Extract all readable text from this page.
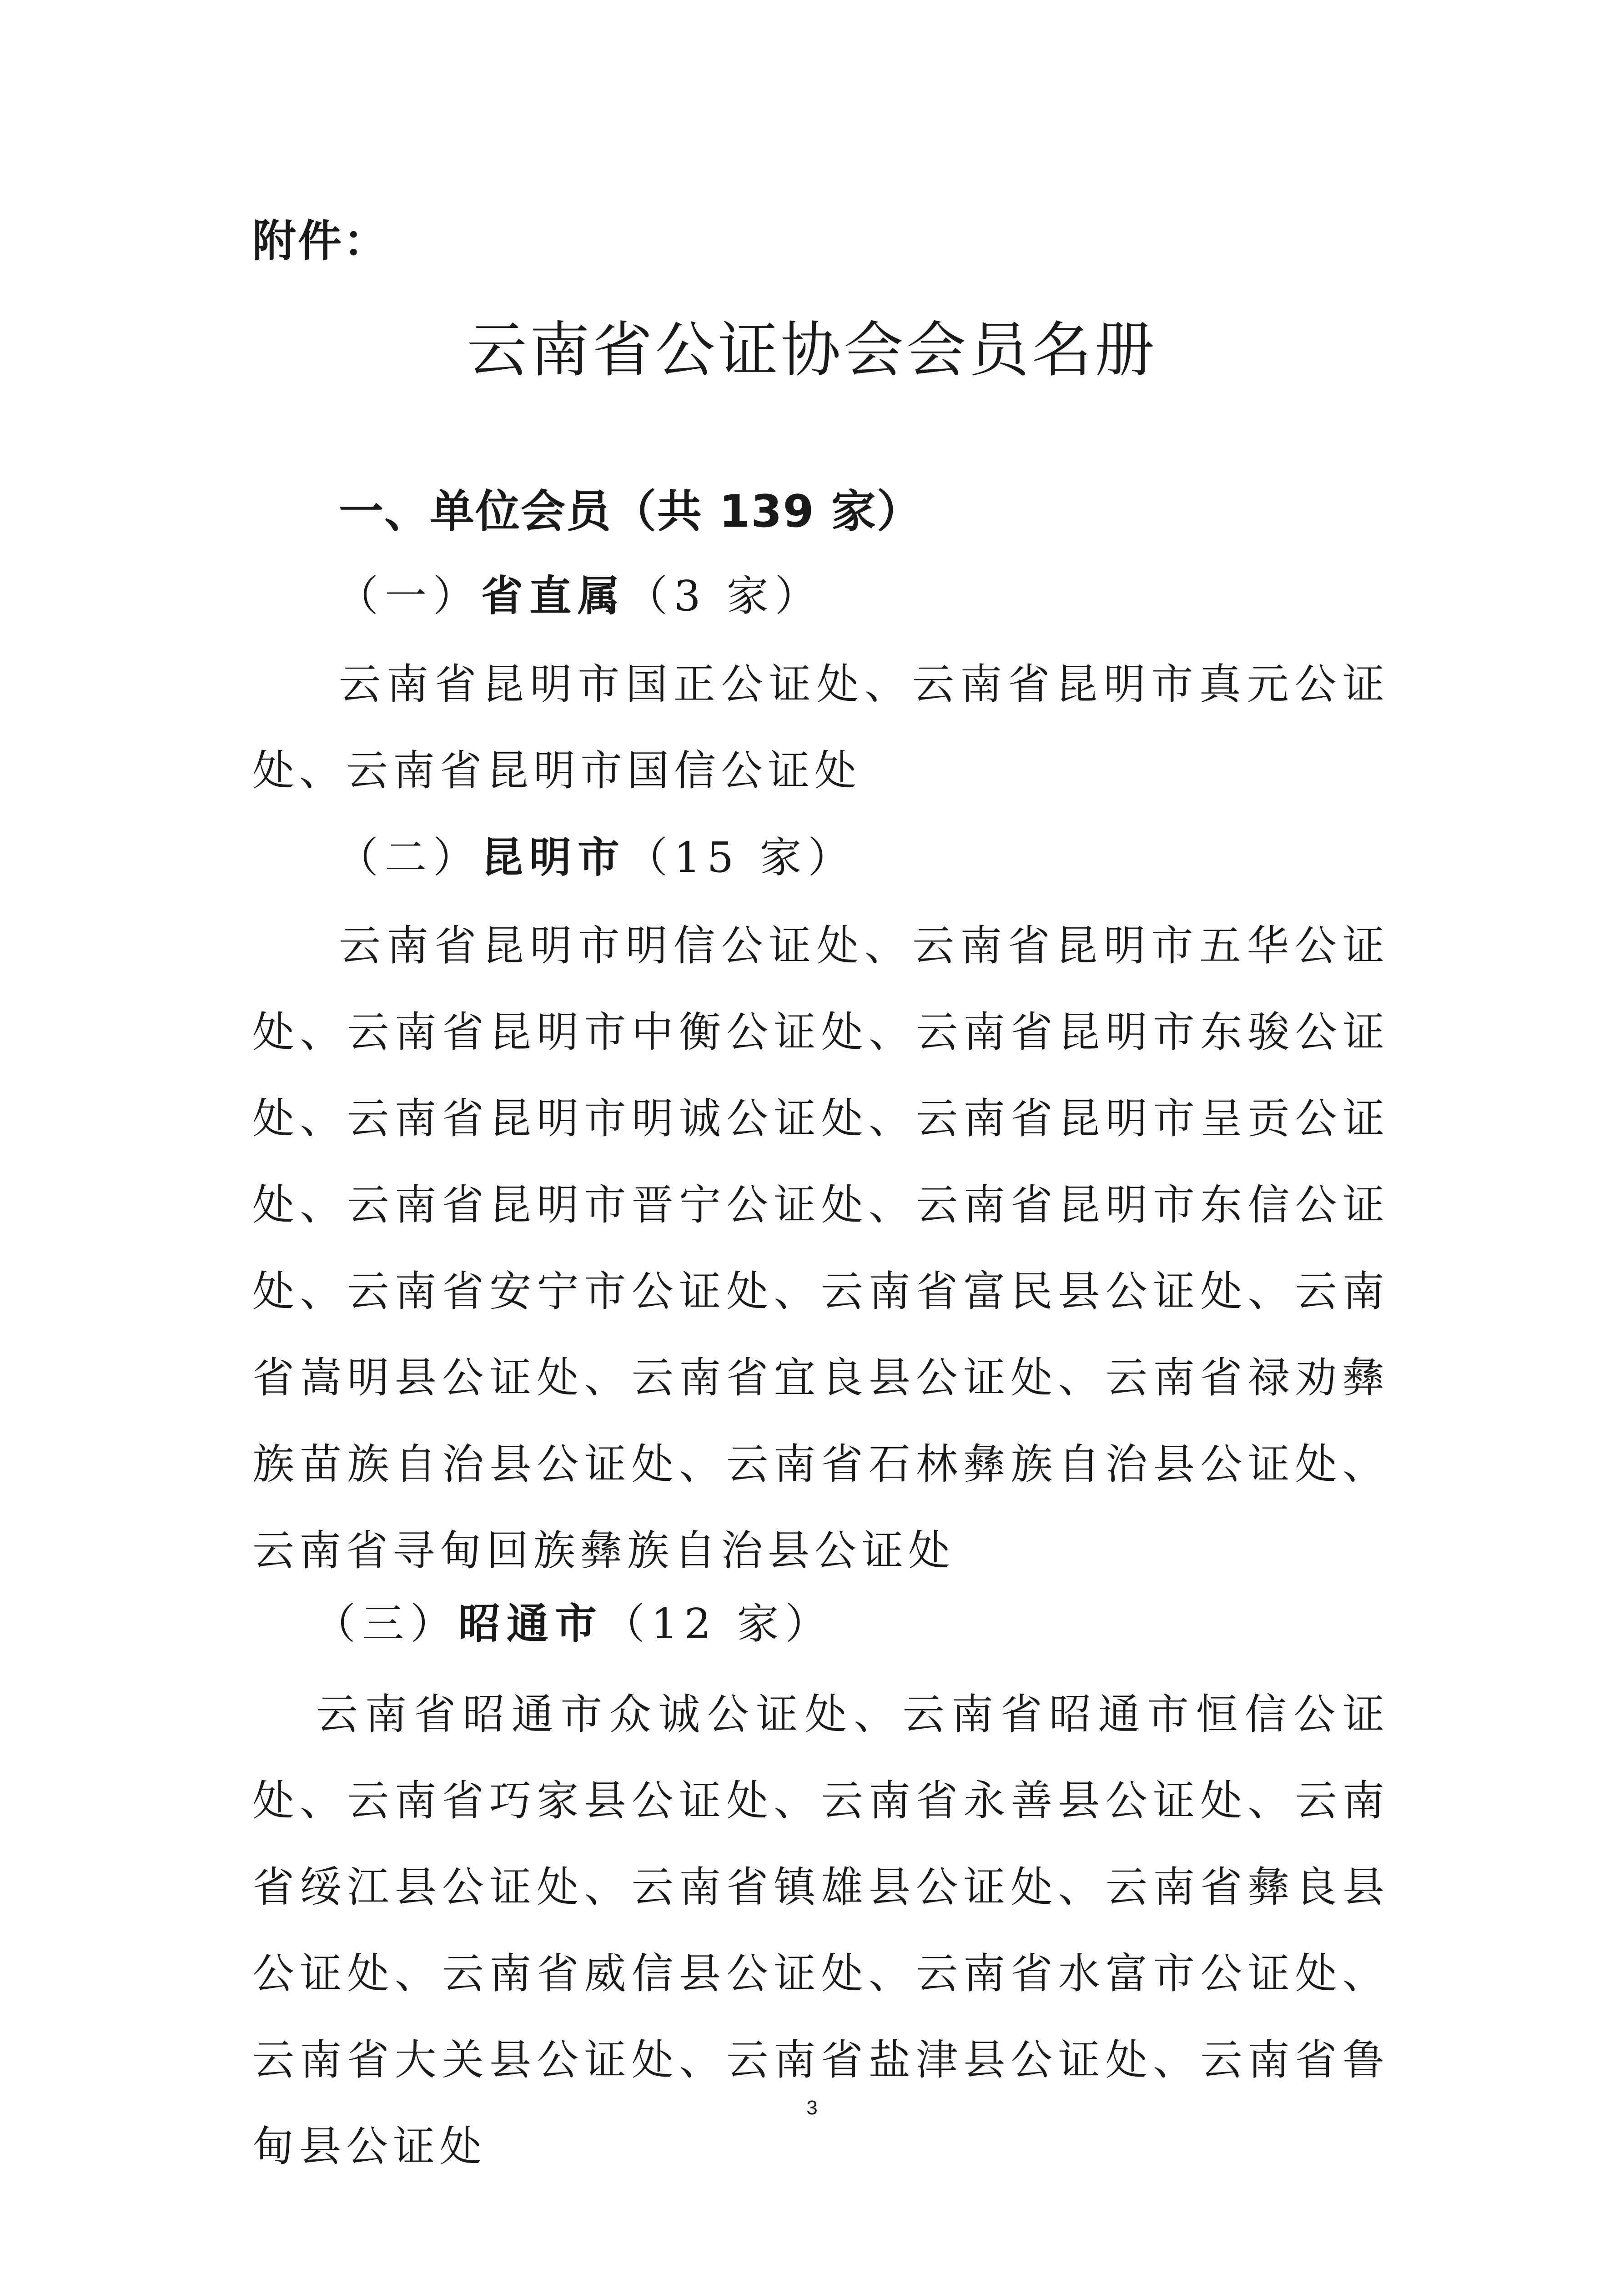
附件：
云南省公证协会会员名册
一、单位会员（共 139 家）
（一）省直属（3 家）
云南省昆明市国正公证处、云南省昆明市真元公证处、云南省昆明市国信公证处
（二）昆明市（15 家）
云南省昆明市明信公证处、云南省昆明市五华公证处、云南省昆明市中衡公证处、云南省昆明市东骏公证处、云南省昆明市明诚公证处、云南省昆明市呈贡公证处、云南省昆明市晋宁公证处、云南省昆明市东信公证处、云南省安宁市公证处、云南省富民县公证处、云南省嵩明县公证处、云南省宜良县公证处、云南省禄劝彝族苗族自治县公证处、云南省石林彝族自治县公证处、云南省寻甸回族彝族自治县公证处
（三）昭通市（12 家）
云南省昭通市众诚公证处、云南省昭通市恒信公证处、云南省巧家县公证处、云南省永善县公证处、云南省绥江县公证处、云南省镇雄县公证处、云南省彝良县公证处、云南省威信县公证处、云南省水富市公证处、云南省大关县公证处、云南省盐津县公证处、云南省鲁甸县公证处
3
